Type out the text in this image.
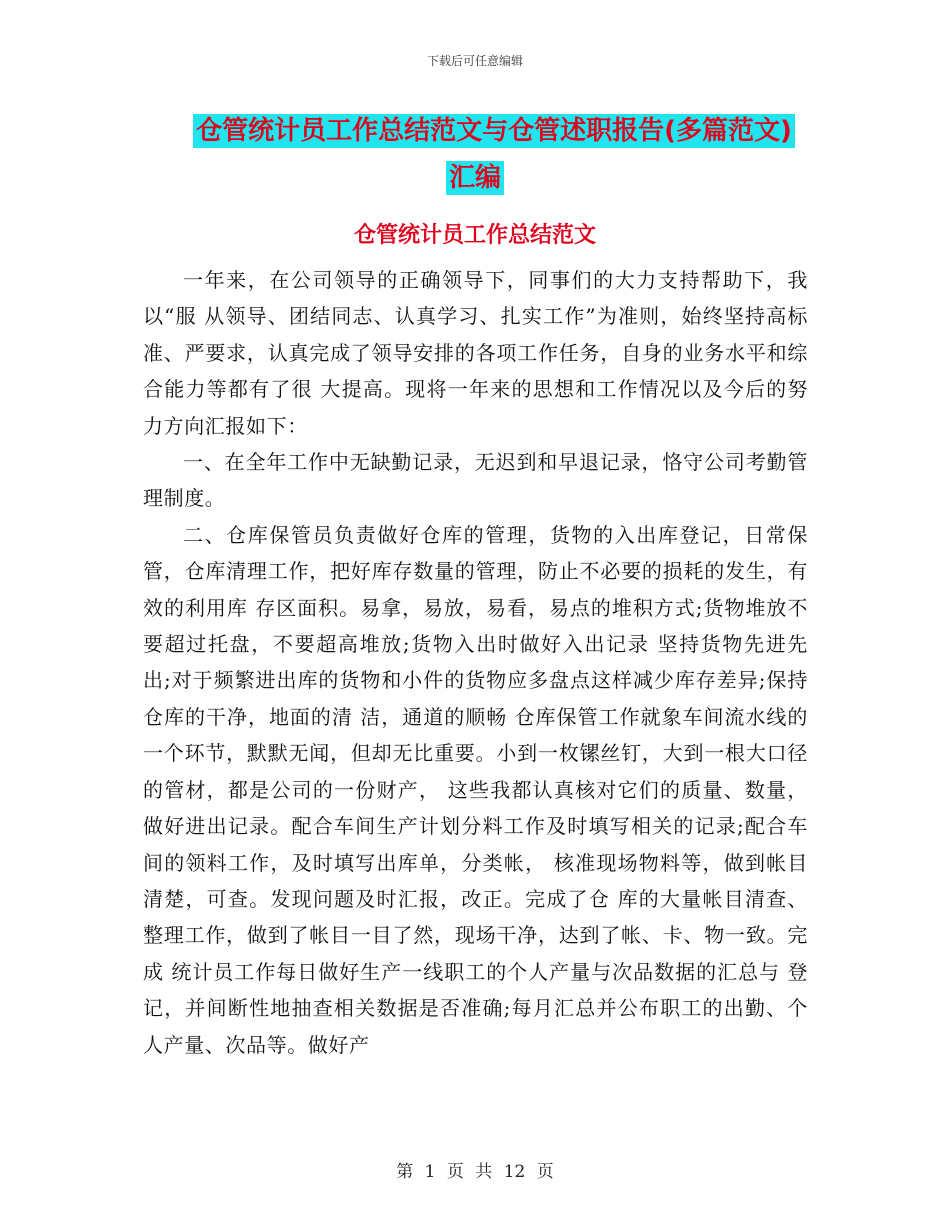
下载后可任意编辑
仓管统计员工作总结范文与仓管述职报告(多篇范文)
汇编
仓管统计员工作总结范文

一年来，在公司领导的正确领导下，同事们的大力支持帮助下，我以“服 从领导、团结同志、认真学习、扎实工作”为准则，始终坚持高标准、严要求，认真完成了领导安排的各项工作任务，自身的业务水平和综合能力等都有了很 大提高。现将一年来的思想和工作情况以及今后的努力方向汇报如下：

一、在全年工作中无缺勤记录，无迟到和早退记录，恪守公司考勤管理制度。

二、仓库保管员负责做好仓库的管理，货物的入出库登记，日常保管，仓库清理工作，把好库存数量的管理，防止不必要的损耗的发生，有效的利用库 存区面积。易拿，易放，易看，易点的堆积方式;货物堆放不要超过托盘，不要超高堆放;货物入出时做好入出记录 坚持货物先进先 出;对于频繁进出库的货物和小件的货物应多盘点这样减少库存差异;保持仓库的干净，地面的清 洁，通道的顺畅 仓库保管工作就象车间流水线的一个环节，默默无闻，但却无比重要。小到一枚镙丝钉，大到一根大口径的管材，都是公司的一份财产， 这些我都认真核对它们的质量、数量，做好进出记录。配合车间生产计划分料工作及时填写相关的记录;配合车间的领料工作，及时填写出库单，分类帐， 核准现场物料等，做到帐目清楚，可查。发现问题及时汇报，改正。完成了仓 库的大量帐目清查、整理工作，做到了帐目一目了然，现场干净，达到了帐、卡、物一致。完成 统计员工作每日做好生产一线职工的个人产量与次品数据的汇总与 登记，并间断性地抽查相关数据是否准确;每月汇总并公布职工的出勤、个人产量、次品等。做好产

第 1 页 共 12 页
